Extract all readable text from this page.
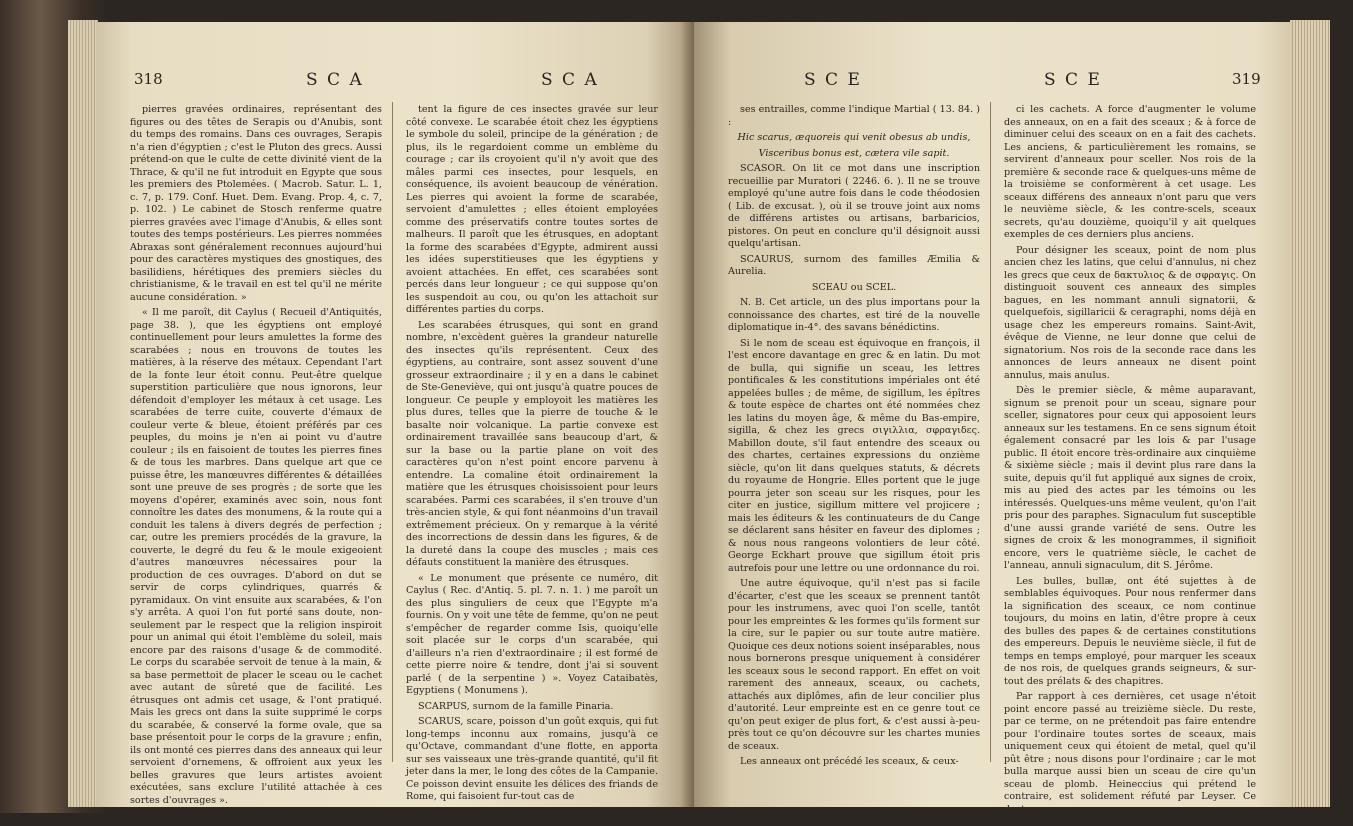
318	S C A	S C A

pierres gravées ordinaires, représentant des figures ou des têtes de Serapis ou d'Anubis, sont du temps des romains. Dans ces ouvrages, Serapis n'a rien d'égyptien ; c'est le Pluton des grecs. Aussi prétend-on que le culte de cette divinité vient de la Thrace, & qu'il ne fut introduit en Egypte que sous les premiers des Ptolemées. ( Macrob. Satur. L. 1, c. 7, p. 179. Conf. Huet. Dem. Evang. Prop. 4, c. 7, p. 102. ) Le cabinet de Stosch renferme quatre pierres gravées avec l'image d'Anubis, & elles sont toutes des temps postérieurs. Les pierres nommées Abraxas sont généralement reconnues aujourd'hui pour des caractères mystiques des gnostiques, des basilidiens, hérétiques des premiers siècles du christianisme, & le travail en est tel qu'il ne mérite aucune considération. »

« Il me paroît, dit Caylus ( Recueil d'Antiquités, page 38. ), que les égyptiens ont employé continuellement pour leurs amulettes la forme des scarabées ; nous en trouvons de toutes les matières, à la réserve des métaux. Cependant l'art de la fonte leur étoit connu. Peut-être quelque superstition particulière que nous ignorons, leur défendoit d'employer les métaux à cet usage. Les scarabées de terre cuite, couverte d'émaux de couleur verte & bleue, étoient préférés par ces peuples, du moins je n'en ai point vu d'autre couleur ; ils en faisoient de toutes les pierres fines & de tous les marbres. Dans quelque art que ce puisse être, les manœuvres différentes & détaillées sont une preuve de ses progrès ; de sorte que les moyens d'opérer, examinés avec soin, nous font connoître les dates des monumens, & la route qui a conduit les talens à divers degrés de perfection ; car, outre les premiers procédés de la gravure, la couverte, le degré du feu & le moule exigeoient d'autres manœuvres nécessaires pour la production de ces ouvrages. D'abord on dut se servir de corps cylindriques, quarrés & pyramidaux. On vint ensuite aux scarabées, & l'on s'y arrêta. A quoi l'on fut porté sans doute, non-seulement par le respect que la religion inspiroit pour un animal qui étoit l'emblème du soleil, mais encore par des raisons d'usage & de commodité. Le corps du scarabée servoit de tenue à la main, & sa base permettoit de placer le sceau ou le cachet avec autant de sûreté que de facilité. Les étrusques ont admis cet usage, & l'ont pratiqué. Mais les grecs ont dans la suite supprimé le corps du scarabée, & conservé la forme ovale, que sa base présentoit pour le corps de la gravure ; enfin, ils ont monté ces pierres dans des anneaux qui leur servoient d'ornemens, & offroient aux yeux les belles gravures que leurs artistes avoient exécutées, sans exclure l'utilité attachée à ces sortes d'ouvrages ».

La plupart des pierres gravées étrusques por-

tent la figure de ces insectes gravée sur leur côté convexe. Le scarabée étoit chez les égyptiens le symbole du soleil, principe de la génération ; de plus, ils le regardoient comme un emblème du courage ; car ils croyoient qu'il n'y avoit que des mâles parmi ces insectes, pour lesquels, en conséquence, ils avoient beaucoup de vénération. Les pierres qui avoient la forme de scarabée, servoient d'amulettes ; elles étoient employées comme des préservatifs contre toutes sortes de malheurs. Il paroît que les étrusques, en adoptant la forme des scarabées d'Egypte, admirent aussi les idées superstitieuses que les égyptiens y avoient attachées. En effet, ces scarabées sont percés dans leur longueur ; ce qui suppose qu'on les suspendoit au cou, ou qu'on les attachoit sur différentes parties du corps.

Les scarabées étrusques, qui sont en grand nombre, n'excèdent guères la grandeur naturelle des insectes qu'ils représentent. Ceux des égyptiens, au contraire, sont assez souvent d'une grosseur extraordinaire ; il y en a dans le cabinet de Ste-Geneviève, qui ont jusqu'à quatre pouces de longueur. Ce peuple y employoit les matières les plus dures, telles que la pierre de touche & le basalte noir volcanique. La partie convexe est ordinairement travaillée sans beaucoup d'art, & sur la base ou la partie plane on voit des caractères qu'on n'est point encore parvenu à entendre. La comaline étoit ordinairement la matière que les étrusques choisissoient pour leurs scarabées. Parmi ces scarabées, il s'en trouve d'un très-ancien style, & qui font néanmoins d'un travail extrêmement précieux. On y remarque à la vérité des incorrections de dessin dans les figures, & de la dureté dans la coupe des muscles ; mais ces défauts constituent la manière des étrusques.

« Le monument que présente ce numéro, dit Caylus ( Rec. d'Antiq. 5. pl. 7. n. 1. ) me paroît un des plus singuliers de ceux que l'Egypte m'a fournis. On y voit une tête de femme, qu'on ne peut s'empêcher de regarder comme Isis, quoiqu'elle soit placée sur le corps d'un scarabée, qui d'ailleurs n'a rien d'extraordinaire ; il est formé de cette pierre noire & tendre, dont j'ai si souvent parlé ( de la serpentine ) ». Voyez Cataibatès, Egyptiens ( Monumens ).

SCARPUS, surnom de la famille Pinaria.

SCARUS, scare, poisson d'un goût exquis, qui fut long-temps inconnu aux romains, jusqu'à ce qu'Octave, commandant d'une flotte, en apporta sur ses vaisseaux une très-grande quantité, qu'il fit jeter dans la mer, le long des côtes de la Campanie. Ce poisson devint ensuite les délices des friands de Rome, qui faisoient fur-tout cas de

S C E	S C E	319

ses entrailles, comme l'indique Martial ( 13. 84. ) :

Hic scarus, æquoreis qui venit obesus ab undis,

Visceribus bonus est, cætera vile sapit.

SCASOR. On lit ce mot dans une inscription recueillie par Muratori ( 2246. 6. ). Il ne se trouve employé qu'une autre fois dans le code théodosien ( Lib. de excusat. ), où il se trouve joint aux noms de différens artistes ou artisans, barbaricios, pistores. On peut en conclure qu'il désignoit aussi quelqu'artisan.

SCAURUS, surnom des familles Æmilia & Aurelia.

SCEAU ou SCEL.

N. B. Cet article, un des plus importans pour la connoissance des chartes, est tiré de la nouvelle diplomatique in-4°. des savans bénédictins.

Si le nom de sceau est équivoque en françois, il l'est encore davantage en grec & en latin. Du mot de bulla, qui signifie un sceau, les lettres pontificales & les constitutions impériales ont été appelées bulles ; de même, de sigillum, les épîtres & toute espèce de chartes ont été nommées chez les latins du moyen âge, & même du Bas-empire, sigilla, & chez les grecs σιγιλλια, σφραγιδες. Mabillon doute, s'il faut entendre des sceaux ou des chartes, certaines expressions du onzième siècle, qu'on lit dans quelques statuts, & décrets du royaume de Hongrie. Elles portent que le juge pourra jeter son sceau sur les risques, pour les citer en justice, sigillum mittere vel projicere ; mais les éditeurs & les continuateurs de du Cange se déclarent sans hésiter en faveur des diplomes ; & nous nous rangeons volontiers de leur côté. George Eckhart prouve que sigillum étoit pris autrefois pour une lettre ou une ordonnance du roi.

Une autre équivoque, qu'il n'est pas si facile d'écarter, c'est que les sceaux se prennent tantôt pour les instrumens, avec quoi l'on scelle, tantôt pour les empreintes & les formes qu'ils forment sur la cire, sur le papier ou sur toute autre matière. Quoique ces deux notions soient inséparables, nous nous bornerons presque uniquement à considérer les sceaux sous le second rapport. En effet on voit rarement des anneaux, sceaux, ou cachets, attachés aux diplômes, afin de leur concilier plus d'autorité. Leur empreinte est en ce genre tout ce qu'on peut exiger de plus fort, & c'est aussi à-peu-près tout ce qu'on découvre sur les chartes munies de sceaux.

Les anneaux ont précédé les sceaux, & ceux-

ci les cachets. A force d'augmenter le volume des anneaux, on en a fait des sceaux ; & à force de diminuer celui des sceaux on en a fait des cachets. Les anciens, & particulièrement les romains, se servirent d'anneaux pour sceller. Nos rois de la première & seconde race & quelques-uns même de la troisième se conformèrent à cet usage. Les sceaux différens des anneaux n'ont paru que vers le neuvième siècle, & les contre-scels, sceaux secrets, qu'au douzième, quoiqu'il y ait quelques exemples de ces derniers plus anciens.

Pour désigner les sceaux, point de nom plus ancien chez les latins, que celui d'annulus, ni chez les grecs que ceux de δακτυλιος & de σφραγις. On distinguoit souvent ces anneaux des simples bagues, en les nommant annuli signatorii, & quelquefois, sigillaricii & ceragraphi, noms déjà en usage chez les empereurs romains. Saint-Avit, évêque de Vienne, ne leur donne que celui de signatorium. Nos rois de la seconde race dans les annonces de leurs anneaux ne disent point annulus, mais anulus.

Dès le premier siècle, & même auparavant, signum se prenoit pour un sceau, signare pour sceller, signatores pour ceux qui apposoient leurs anneaux sur les testamens. En ce sens signum étoit également consacré par les lois & par l'usage public. Il étoit encore très-ordinaire aux cinquième & sixième siècle ; mais il devint plus rare dans la suite, depuis qu'il fut appliqué aux signes de croix, mis au pied des actes par les témoins ou les intéressés. Quelques-uns même veulent, qu'on l'ait pris pour des paraphes. Signaculum fut susceptible d'une aussi grande variété de sens. Outre les signes de croix & les monogrammes, il signifioit encore, vers le quatrième siècle, le cachet de l'anneau, annuli signaculum, dit S. Jérôme.

Les bulles, bullæ, ont été sujettes à de semblables équivoques. Pour nous renfermer dans la signification des sceaux, ce nom continue toujours, du moins en latin, d'être propre à ceux des bulles des papes & de certaines constitutions des empereurs. Depuis le neuvième siècle, il fut de temps en temps employé, pour marquer les sceaux de nos rois, de quelques grands seigneurs, & sur-tout des prélats & des chapitres.

Par rapport à ces dernières, cet usage n'étoit point encore passé au treizième siècle. Du reste, par ce terme, on ne prétendoit pas faire entendre pour l'ordinaire toutes sortes de sceaux, mais uniquement ceux qui étoient de metal, quel qu'il pût être ; nous disons pour l'ordinaire ; car le mot bulla marque aussi bien un sceau de cire qu'un sceau de plomb. Heineccius qui prétend le contraire, est solidement réfuté par Leyser. Ce docte
